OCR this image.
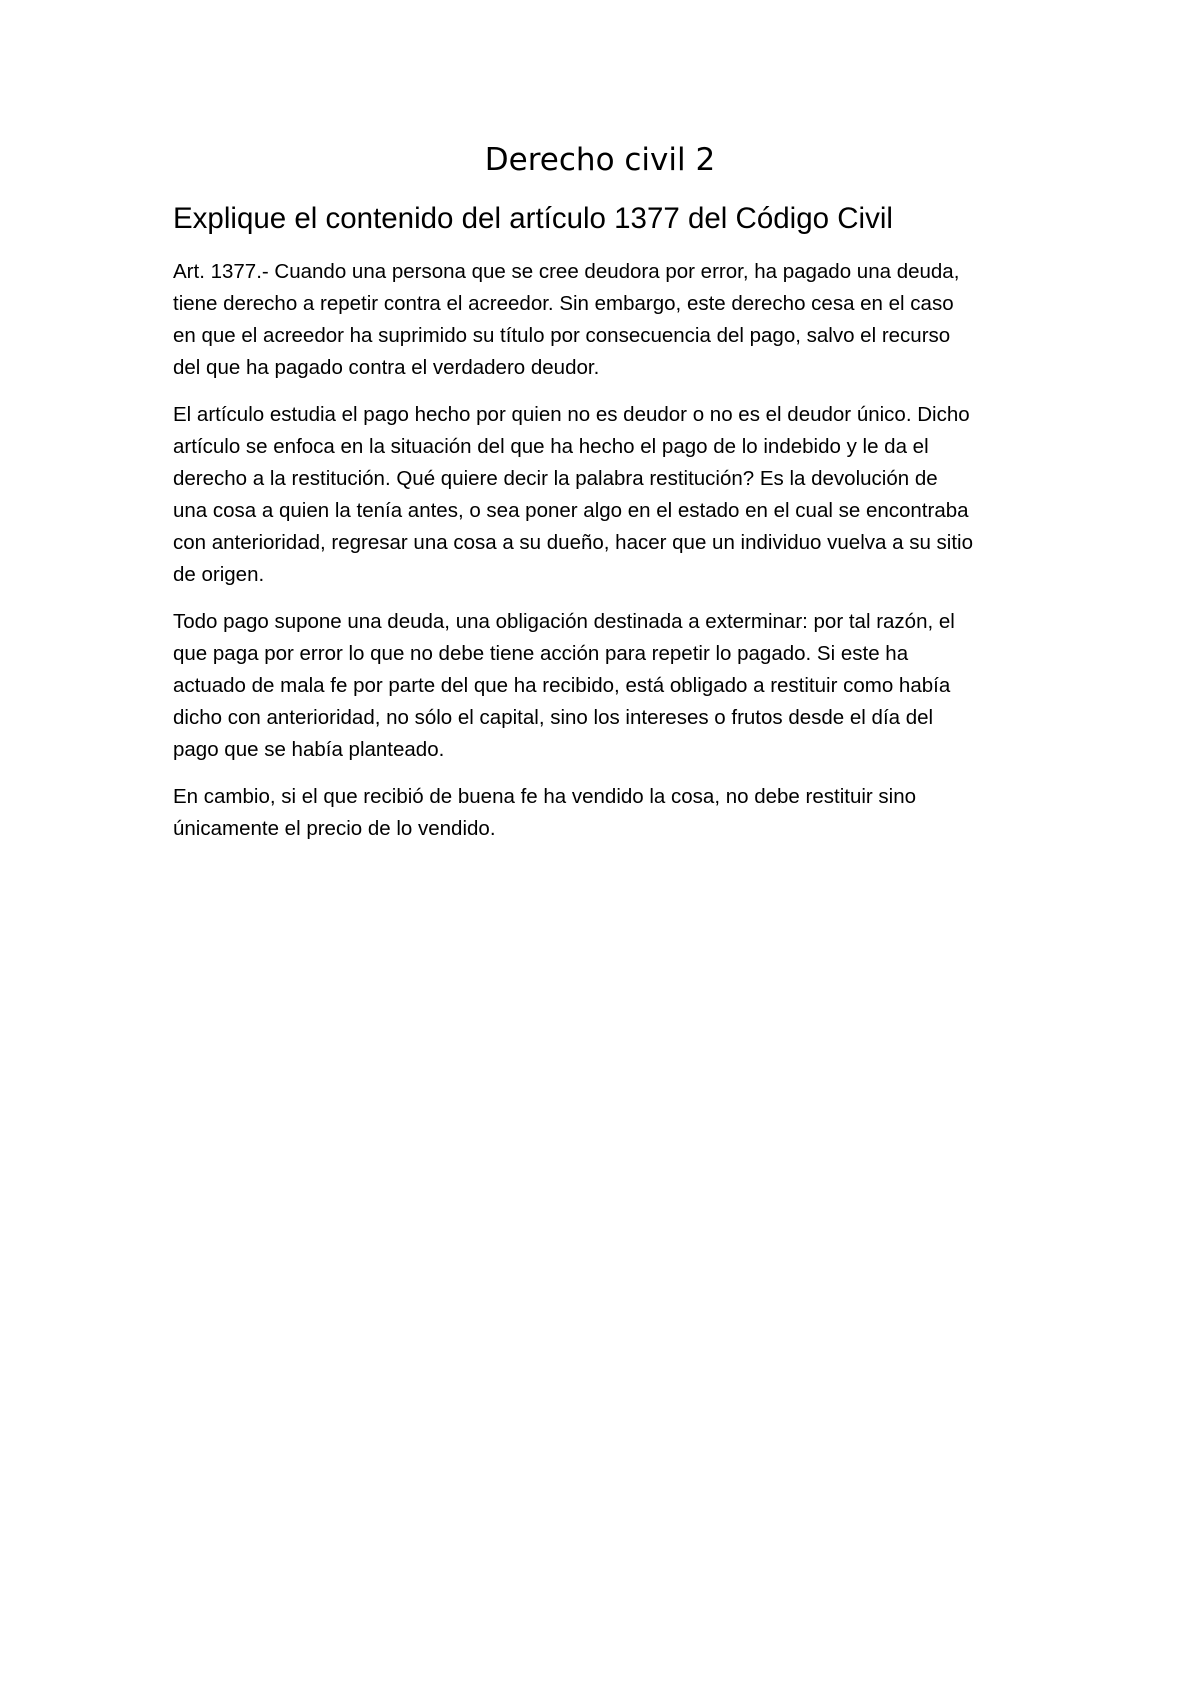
Derecho civil 2
Explique el contenido del artículo 1377 del Código Civil

Art. 1377.- Cuando una persona que se cree deudora por error, ha pagado una deuda,
tiene derecho a repetir contra el acreedor. Sin embargo, este derecho cesa en el caso
en que el acreedor ha suprimido su título por consecuencia del pago, salvo el recurso
del que ha pagado contra el verdadero deudor.

El artículo estudia el pago hecho por quien no es deudor o no es el deudor único. Dicho
artículo se enfoca en la situación del que ha hecho el pago de lo indebido y le da el
derecho a la restitución. Qué quiere decir la palabra restitución? Es la devolución de
una cosa a quien la tenía antes, o sea poner algo en el estado en el cual se encontraba
con anterioridad, regresar una cosa a su dueño, hacer que un individuo vuelva a su sitio
de origen.

Todo pago supone una deuda, una obligación destinada a exterminar: por tal razón, el
que paga por error lo que no debe tiene acción para repetir lo pagado. Si este ha
actuado de mala fe por parte del que ha recibido, está obligado a restituir como había
dicho con anterioridad, no sólo el capital, sino los intereses o frutos desde el día del
pago que se había planteado.

En cambio, si el que recibió de buena fe ha vendido la cosa, no debe restituir sino
únicamente el precio de lo vendido.
